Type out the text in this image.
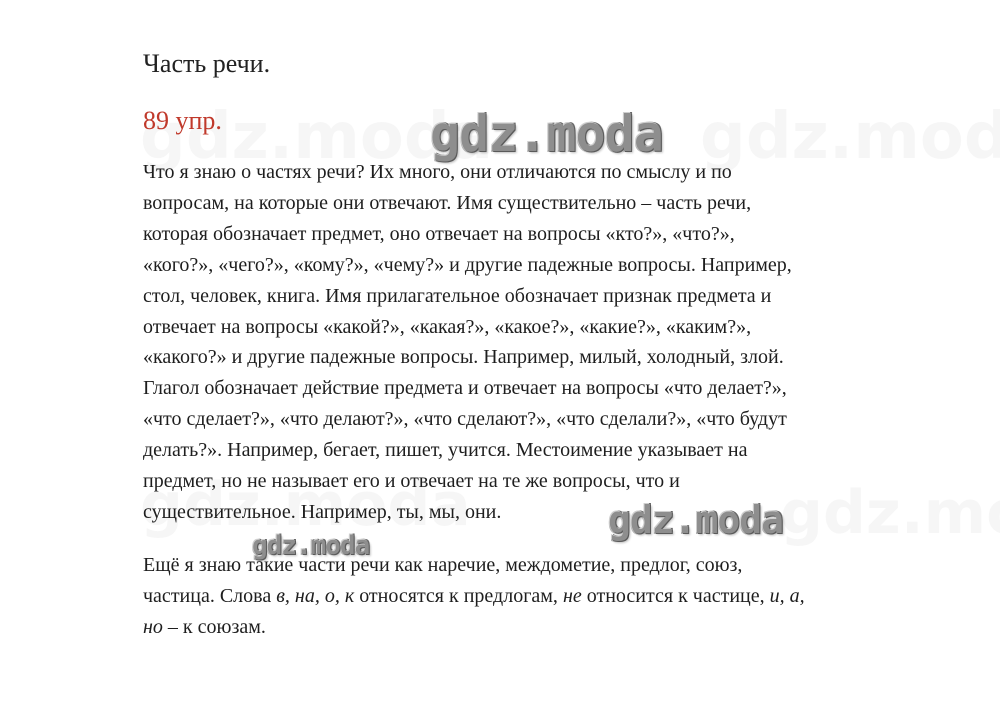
Часть речи.
89 упр.

Что я знаю о частях речи? Их много, они отличаются по смыслу и по
вопросам, на которые они отвечают. Имя существительно – часть речи,
которая обозначает предмет, оно отвечает на вопросы «кто?», «что?»,
«кого?», «чего?», «кому?», «чему?» и другие падежные вопросы. Например,
стол, человек, книга. Имя прилагательное обозначает признак предмета и
отвечает на вопросы «какой?», «какая?», «какое?», «какие?», «каким?»,
«какого?» и другие падежные вопросы. Например, милый, холодный, злой.
Глагол обозначает действие предмета и отвечает на вопросы «что делает?»,
«что сделает?», «что делают?», «что сделают?», «что сделали?», «что будут
делать?». Например, бегает, пишет, учится. Местоимение указывает на
предмет, но не называет его и отвечает на те же вопросы, что и
существительное. Например, ты, мы, они.

Ещё я знаю такие части речи как наречие, междометие, предлог, союз,
частица. Слова в, на, о, к относятся к предлогам, не относится к частице, и, а,
но – к союзам.

gdz.moda
gdz.moda
gdz.moda
